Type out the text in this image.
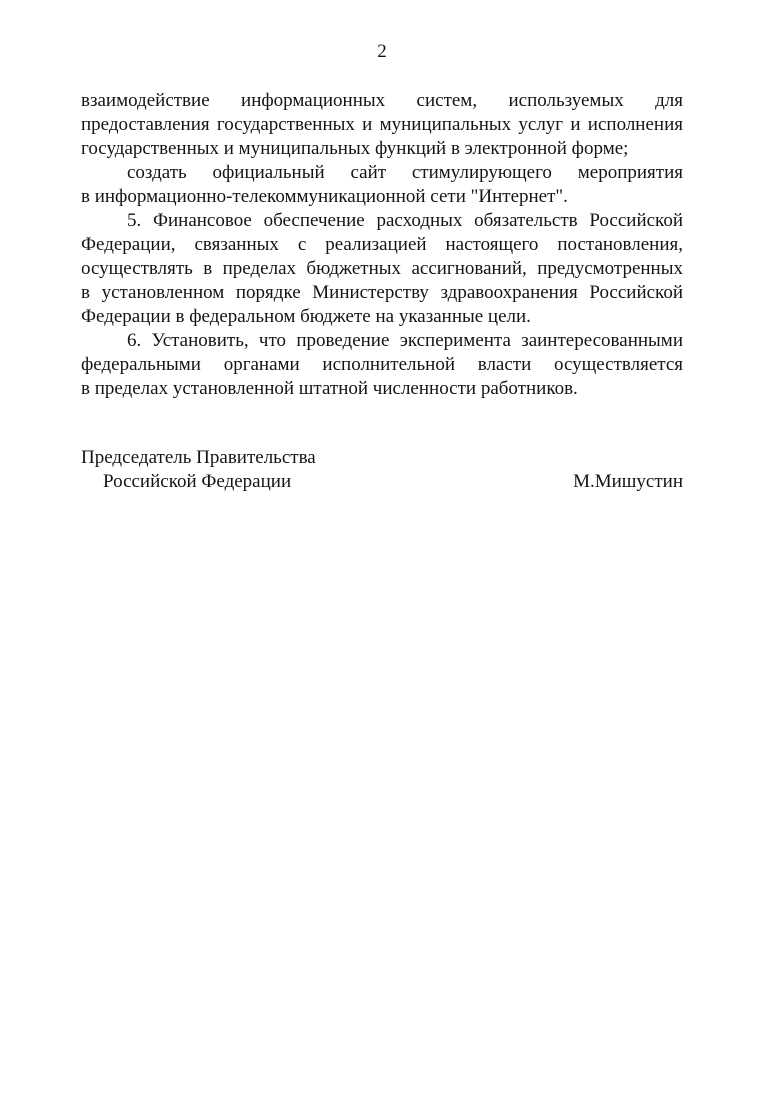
2
взаимодействие информационных систем, используемых для
предоставления государственных и муниципальных услуг и исполнения
государственных и муниципальных функций в электронной форме;
создать официальный сайт стимулирующего мероприятия
в информационно-телекоммуникационной сети "Интернет".
5. Финансовое обеспечение расходных обязательств Российской
Федерации, связанных с реализацией настоящего постановления,
осуществлять в пределах бюджетных ассигнований, предусмотренных
в установленном порядке Министерству здравоохранения Российской
Федерации в федеральном бюджете на указанные цели.
6. Установить, что проведение эксперимента заинтересованными
федеральными органами исполнительной власти осуществляется
в пределах установленной штатной численности работников.
Председатель Правительства
Российской Федерации	М.Мишустин
